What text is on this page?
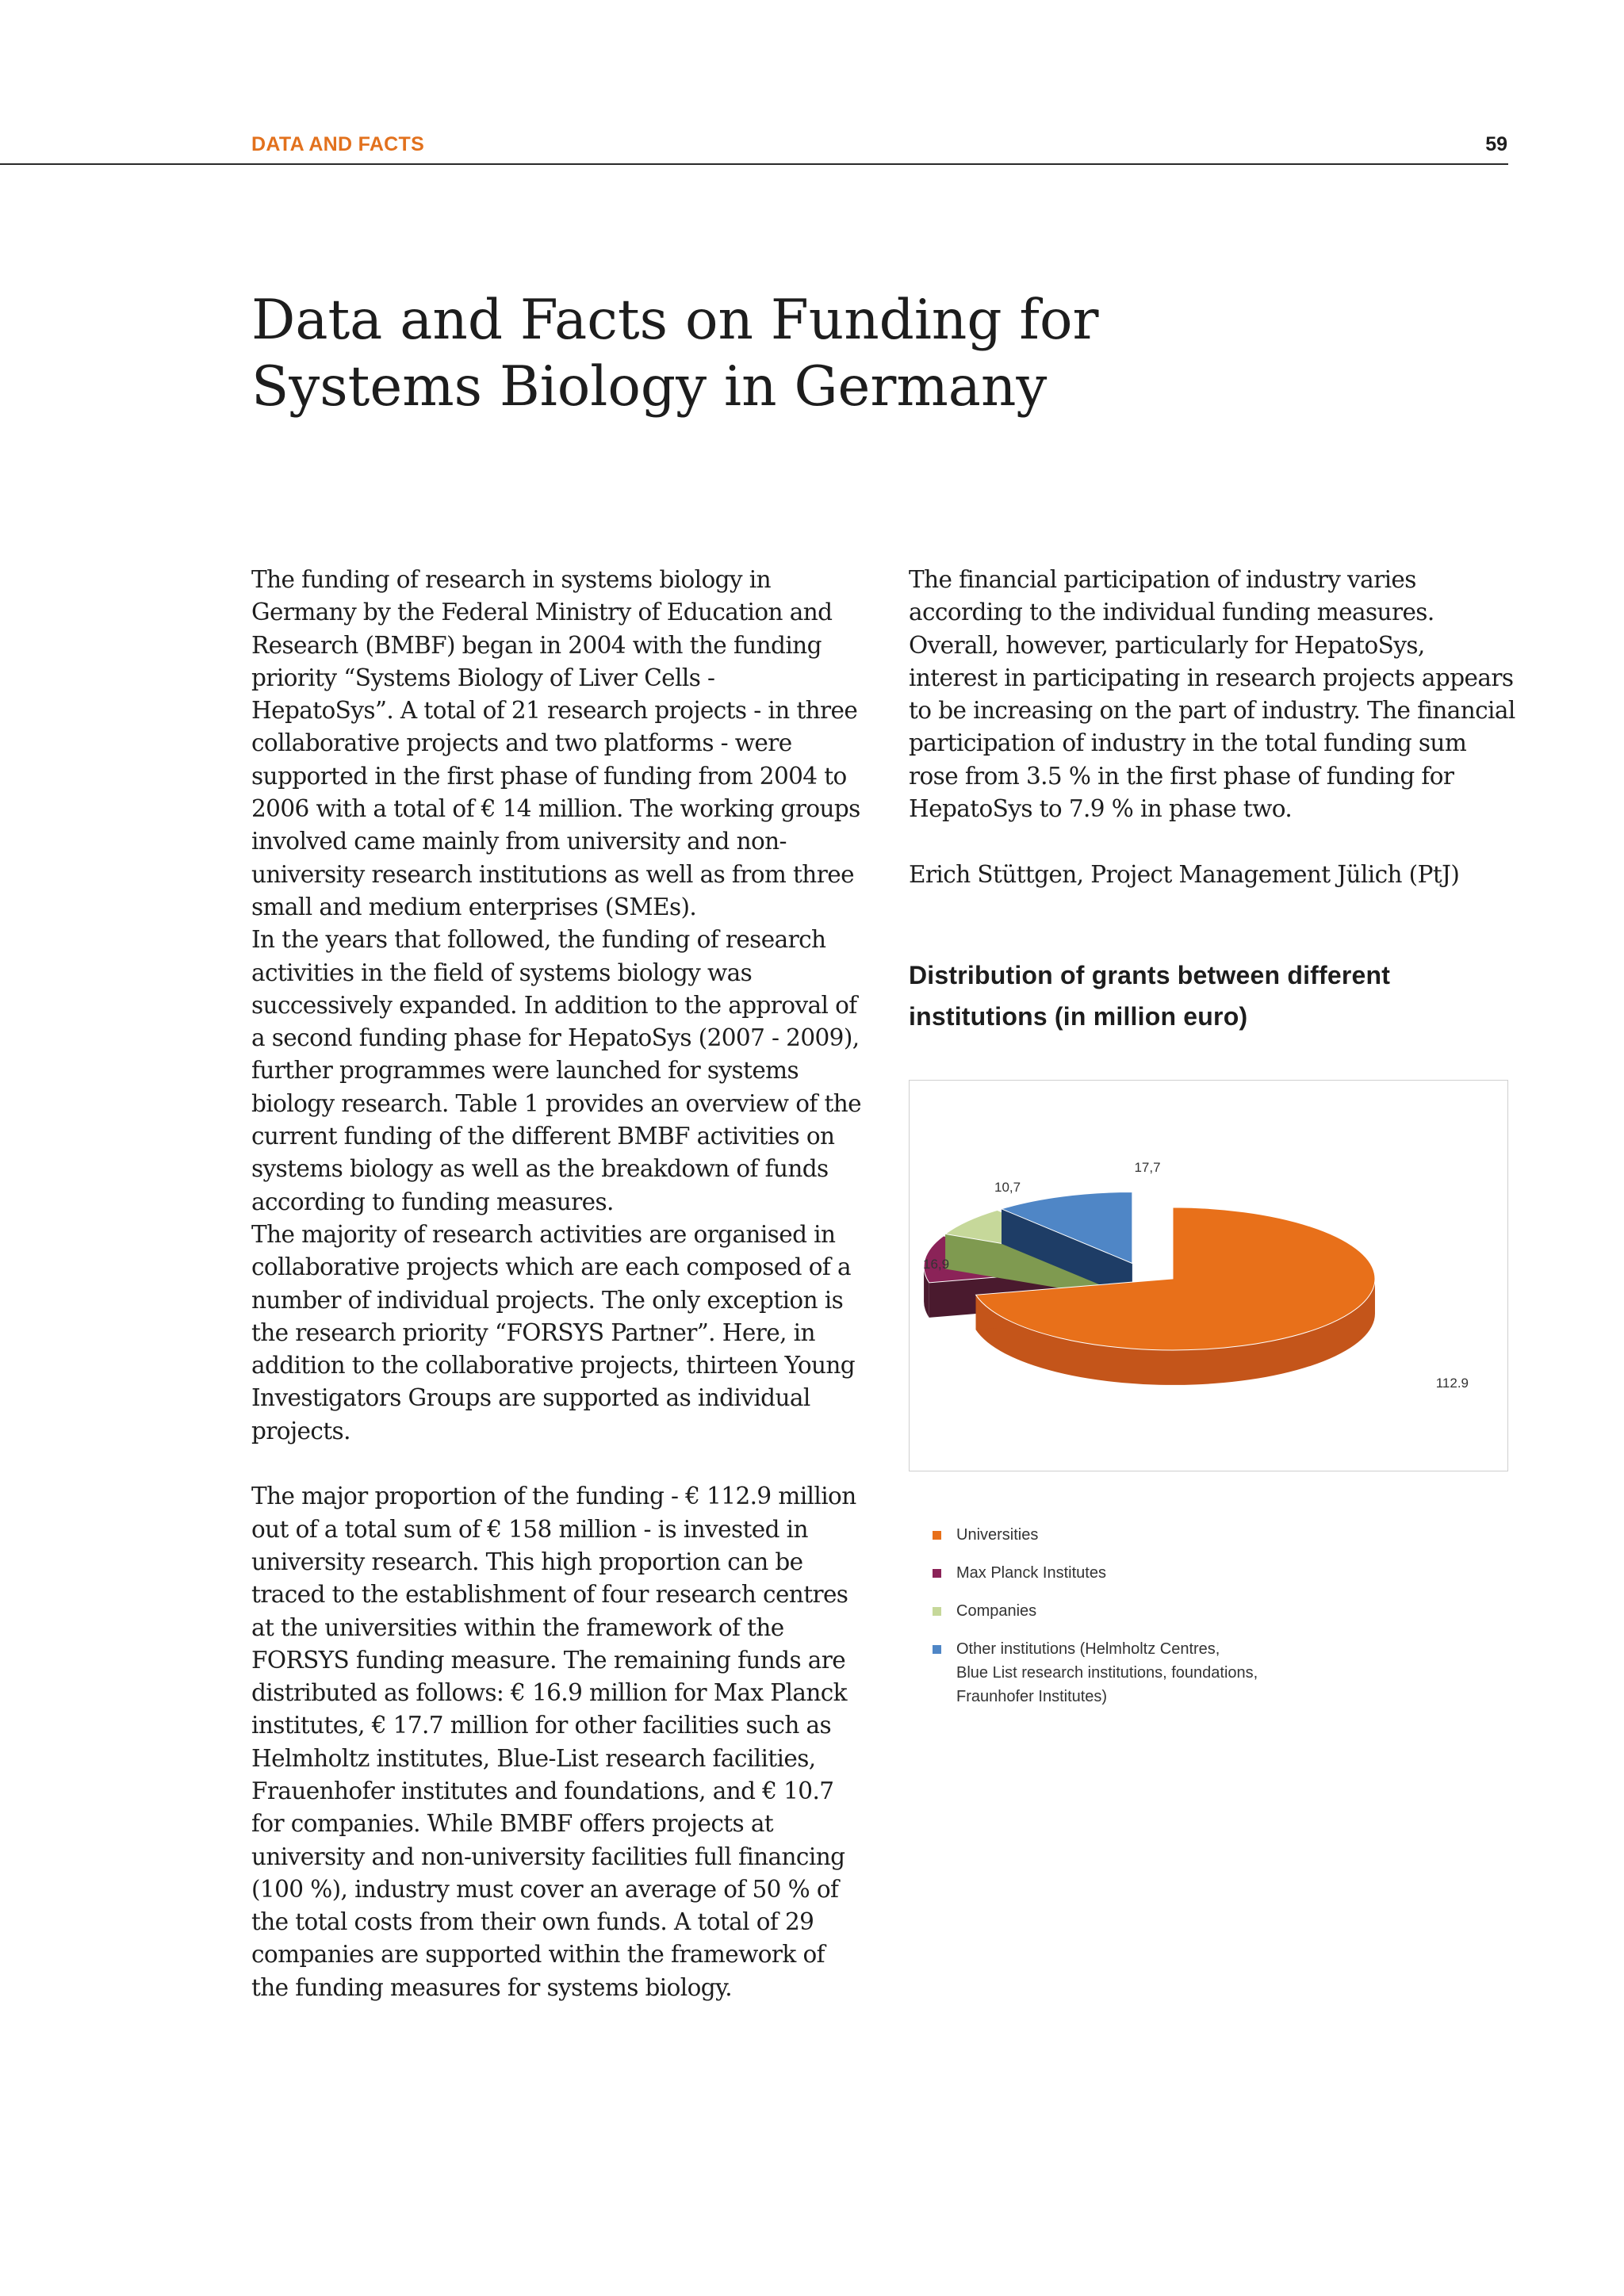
DATA AND FACTS	59
Data and Facts on Funding for
Systems Biology in Germany

The funding of research in systems biology in Germany by the Federal Ministry of Education and Research (BMBF) began in 2004 with the funding priority “Systems Biology of Liver Cells - HepatoSys”. A total of 21 research projects - in three collaborative projects and two platforms - were supported in the first phase of funding from 2004 to 2006 with a total of € 14 million. The working groups involved came mainly from university and non-university research institutions as well as from three small and medium enterprises (SMEs).

In the years that followed, the funding of research activities in the field of systems biology was successively expanded. In addition to the approval of a second funding phase for HepatoSys (2007 - 2009), further programmes were launched for systems biology research. Table 1 provides an overview of the current funding of the different BMBF activities on systems biology as well as the breakdown of funds according to funding measures.

The majority of research activities are organised in collaborative projects which are each composed of a number of individual projects. The only exception is the research priority “FORSYS Partner”. Here, in addition to the collaborative projects, thirteen Young Investigators Groups are supported as individual projects.

The major proportion of the funding - € 112.9 million out of a total sum of € 158 million - is invested in university research. This high proportion can be traced to the establishment of four research centres at the universities within the framework of the FORSYS funding measure. The remaining funds are distributed as follows: € 16.9 million for Max Planck institutes, € 17.7 million for other facilities such as Helmholtz institutes, Blue-List research facilities, Frauenhofer institutes and foundations, and € 10.7 for companies. While BMBF offers projects at university and non-university facilities full financing (100 %), industry must cover an average of 50 % of the total costs from their own funds. A total of 29 companies are supported within the framework of the funding measures for systems biology.

The financial participation of industry varies according to the individual funding measures. Overall, however, particularly for HepatoSys, interest in participating in research projects appears to be increasing on the part of industry. The financial participation of industry in the total funding sum rose from 3.5 % in the first phase of funding for HepatoSys to 7.9 % in phase two.

Erich Stüttgen, Project Management Jülich (PtJ)

Distribution of grants between different
institutions (in million euro)
112.9
16,9
10,7
17,7
Universities
Max Planck Institutes
Companies
Other institutions (Helmholtz Centres,
Blue List research institutions, foundations,
Fraunhofer Institutes)
